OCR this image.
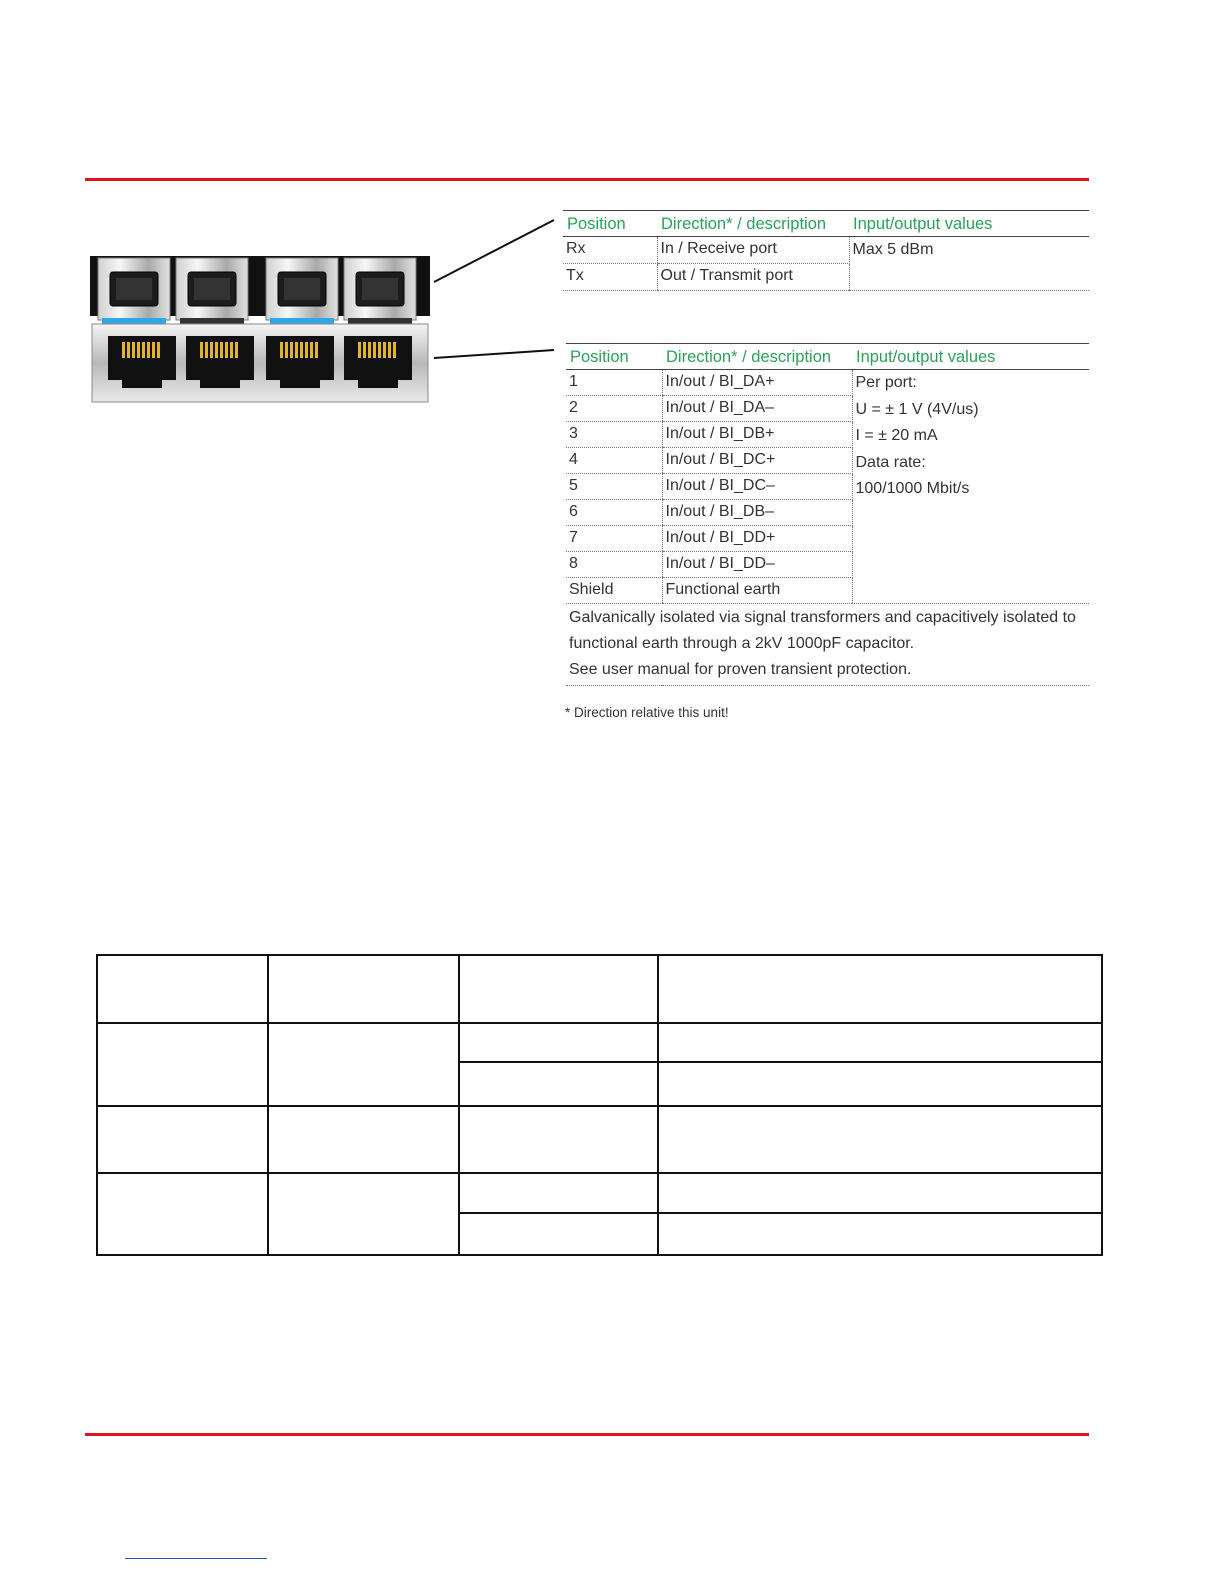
Position	Direction* / description	Input/output values
Rx	In / Receive port	Max 5 dBm

Tx	Out / Transmit port	
Position	Direction* / description	Input/output values
1	In/out / BI_DA+	Per port:
U = ± 1 V (4V/us)
I = ± 20 mA
Data rate:
100/1000 Mbit/s

2	In/out / BI_DA–	
3	In/out / BI_DB+	
4	In/out / BI_DC+	
5	In/out / BI_DC–	
6	In/out / BI_DB–	
7	In/out / BI_DD+	
8	In/out / BI_DD–	
Shield	Functional earth	

Galvanically isolated via signal transformers and capacitively isolated to functional earth through a 2kV 1000pF capacitor.
See user manual for proven transient protection.		
* Direction relative this unit!
